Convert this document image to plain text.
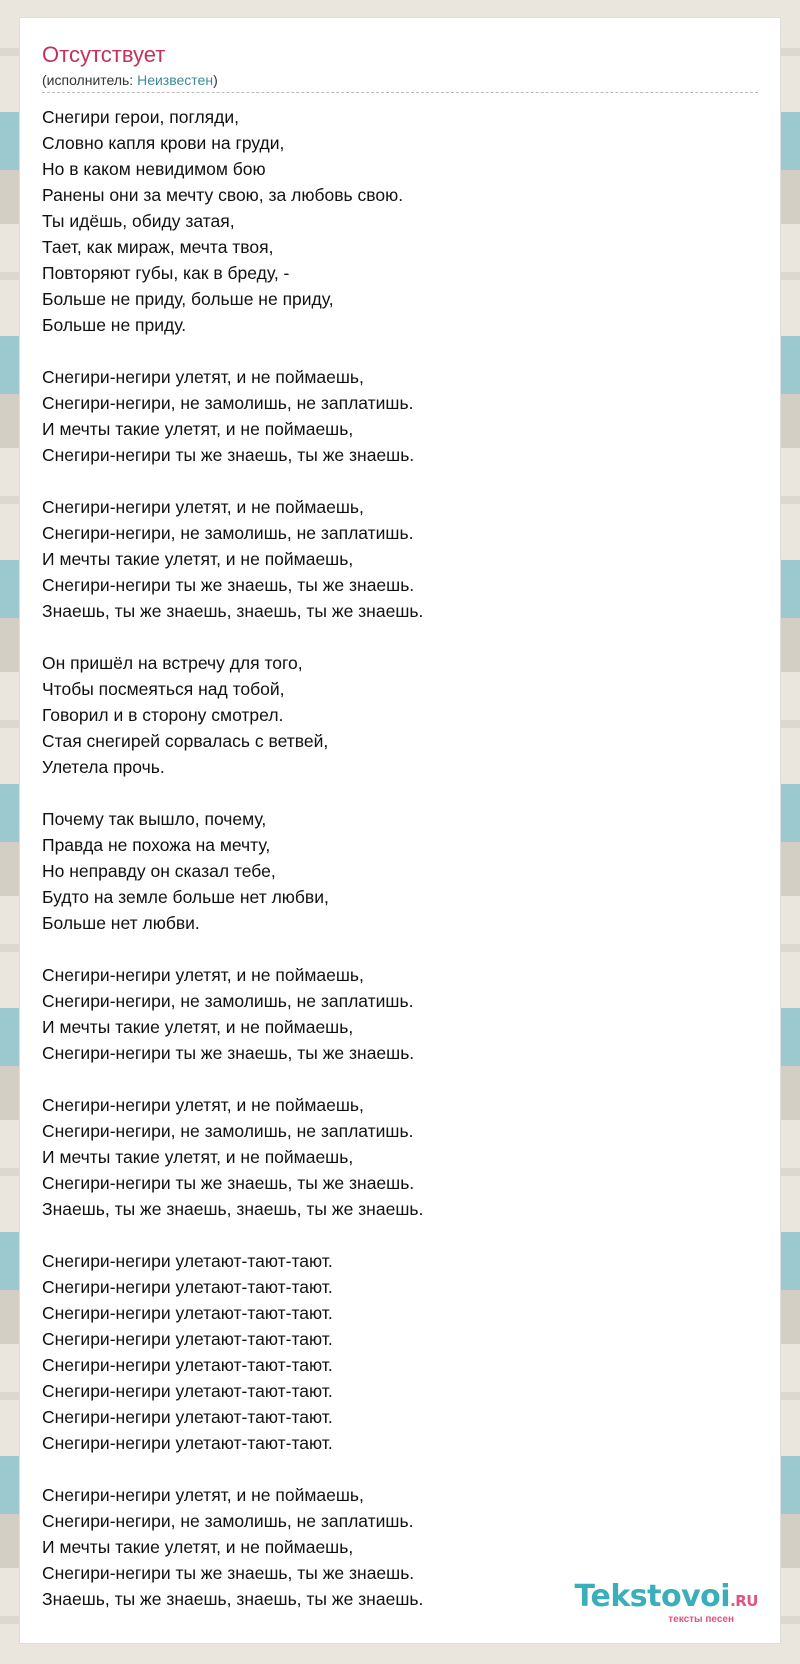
Отсутствует
(исполнитель: Неизвестен)
Снегири герои, погляди,
Словно капля крови на груди,
Но в каком невидимом бою
Ранены они за мечту свою, за любовь свою.
Ты идёшь, обиду затая,
Тает, как мираж, мечта твоя,
Повторяют губы, как в бреду, -
Больше не приду, больше не приду,
Больше не приду.
Снегири-негири улетят, и не поймаешь,
Снегири-негири, не замолишь, не заплатишь.
И мечты такие улетят, и не поймаешь,
Снегири-негири ты же знаешь, ты же знаешь.
Снегири-негири улетят, и не поймаешь,
Снегири-негири, не замолишь, не заплатишь.
И мечты такие улетят, и не поймаешь,
Снегири-негири ты же знаешь, ты же знаешь.
Знаешь, ты же знаешь, знаешь, ты же знаешь.
Он пришёл на встречу для того,
Чтобы посмеяться над тобой,
Говорил и в сторону смотрел.
Стая снегирей сорвалась с ветвей,
Улетела прочь.
Почему так вышло, почему,
Правда не похожа на мечту,
Но неправду он сказал тебе,
Будто на земле больше нет любви,
Больше нет любви.
Снегири-негири улетят, и не поймаешь,
Снегири-негири, не замолишь, не заплатишь.
И мечты такие улетят, и не поймаешь,
Снегири-негири ты же знаешь, ты же знаешь.
Снегири-негири улетят, и не поймаешь,
Снегири-негири, не замолишь, не заплатишь.
И мечты такие улетят, и не поймаешь,
Снегири-негири ты же знаешь, ты же знаешь.
Знаешь, ты же знаешь, знаешь, ты же знаешь.
Снегири-негири улетают-тают-тают.
Снегири-негири улетают-тают-тают.
Снегири-негири улетают-тают-тают.
Снегири-негири улетают-тают-тают.
Снегири-негири улетают-тают-тают.
Снегири-негири улетают-тают-тают.
Снегири-негири улетают-тают-тают.
Снегири-негири улетают-тают-тают.
Снегири-негири улетят, и не поймаешь,
Снегири-негири, не замолишь, не заплатишь.
И мечты такие улетят, и не поймаешь,
Снегири-негири ты же знаешь, ты же знаешь.
Знаешь, ты же знаешь, знаешь, ты же знаешь.	Tekstovoi.RU
тексты песен
